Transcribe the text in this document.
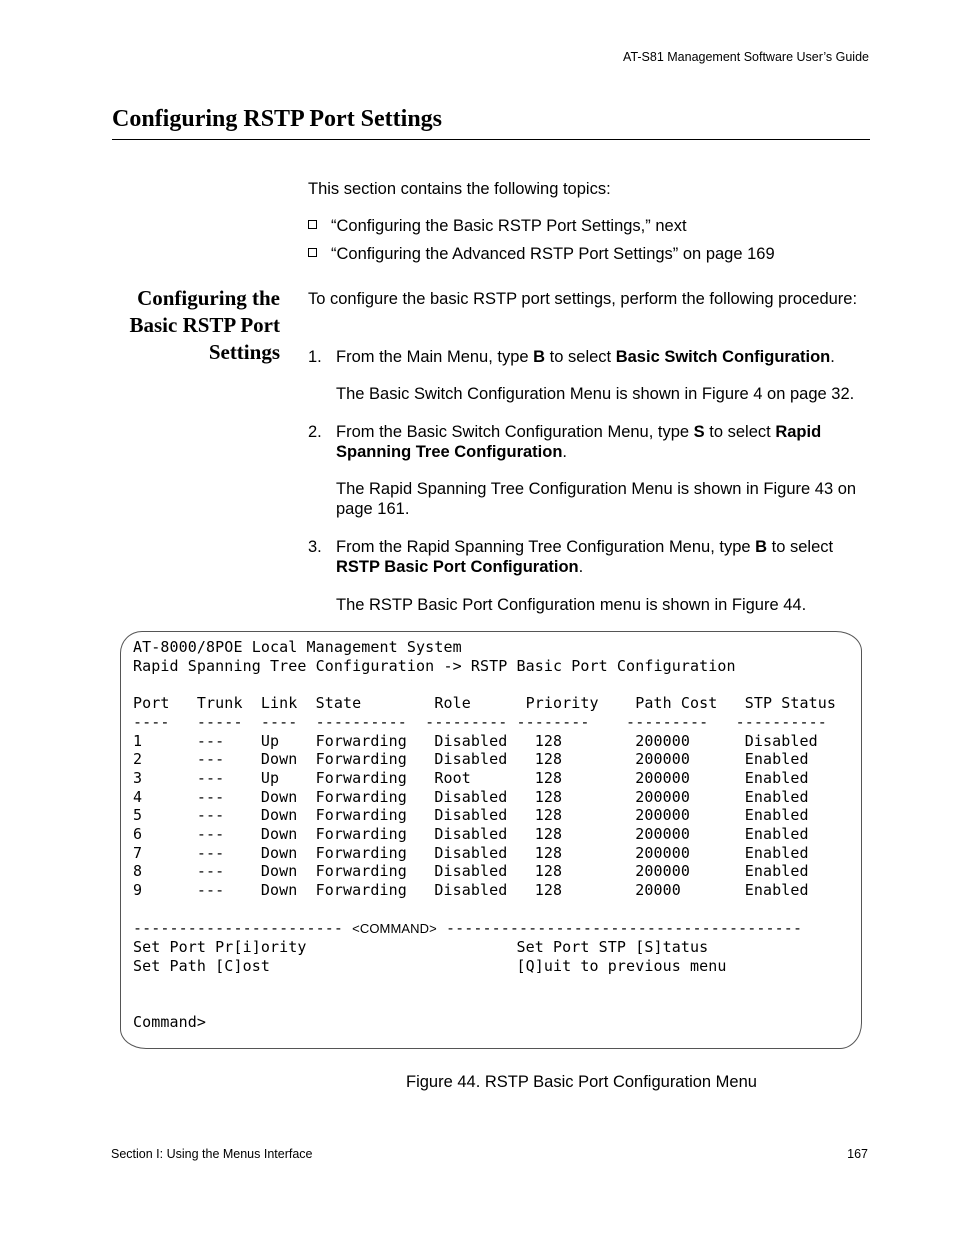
AT-S81 Management Software User’s Guide
Configuring RSTP Port Settings
This section contains the following topics:
“Configuring the Basic RSTP Port Settings,” next
“Configuring the Advanced RSTP Port Settings” on page 169
Configuring the
Basic RSTP Port
Settings
To configure the basic RSTP port settings, perform the following procedure:
1. From the Main Menu, type B to select Basic Switch Configuration.
The Basic Switch Configuration Menu is shown in Figure 4 on page 32.
2. From the Basic Switch Configuration Menu, type S to select Rapid Spanning Tree Configuration.
The Rapid Spanning Tree Configuration Menu is shown in Figure 43 on page 161.
3. From the Rapid Spanning Tree Configuration Menu, type B to select RSTP Basic Port Configuration.
The RSTP Basic Port Configuration menu is shown in Figure 44.
AT-8000/8POE Local Management System
Rapid Spanning Tree Configuration -> RSTP Basic Port Configuration

Port   Trunk  Link  State        Role      Priority    Path Cost   STP Status
----   -----  ----  ----------  --------- --------    ---------   ----------
1      ---    Up    Forwarding   Disabled   128        200000      Disabled
2      ---    Down  Forwarding   Disabled   128        200000      Enabled
3      ---    Up    Forwarding   Root       128        200000      Enabled
4      ---    Down  Forwarding   Disabled   128        200000      Enabled
5      ---    Down  Forwarding   Disabled   128        200000      Enabled
6      ---    Down  Forwarding   Disabled   128        200000      Enabled
7      ---    Down  Forwarding   Disabled   128        200000      Enabled
8      ---    Down  Forwarding   Disabled   128        200000      Enabled
9      ---    Down  Forwarding   Disabled   128        20000       Enabled

----------------------- <COMMAND> ---------------------------------------
Set Port Pr[i]ority                       Set Port STP [S]tatus
Set Path [C]ost                           [Q]uit to previous menu

Command>

Figure 44. RSTP Basic Port Configuration Menu
Section I: Using the Menus Interface	167
